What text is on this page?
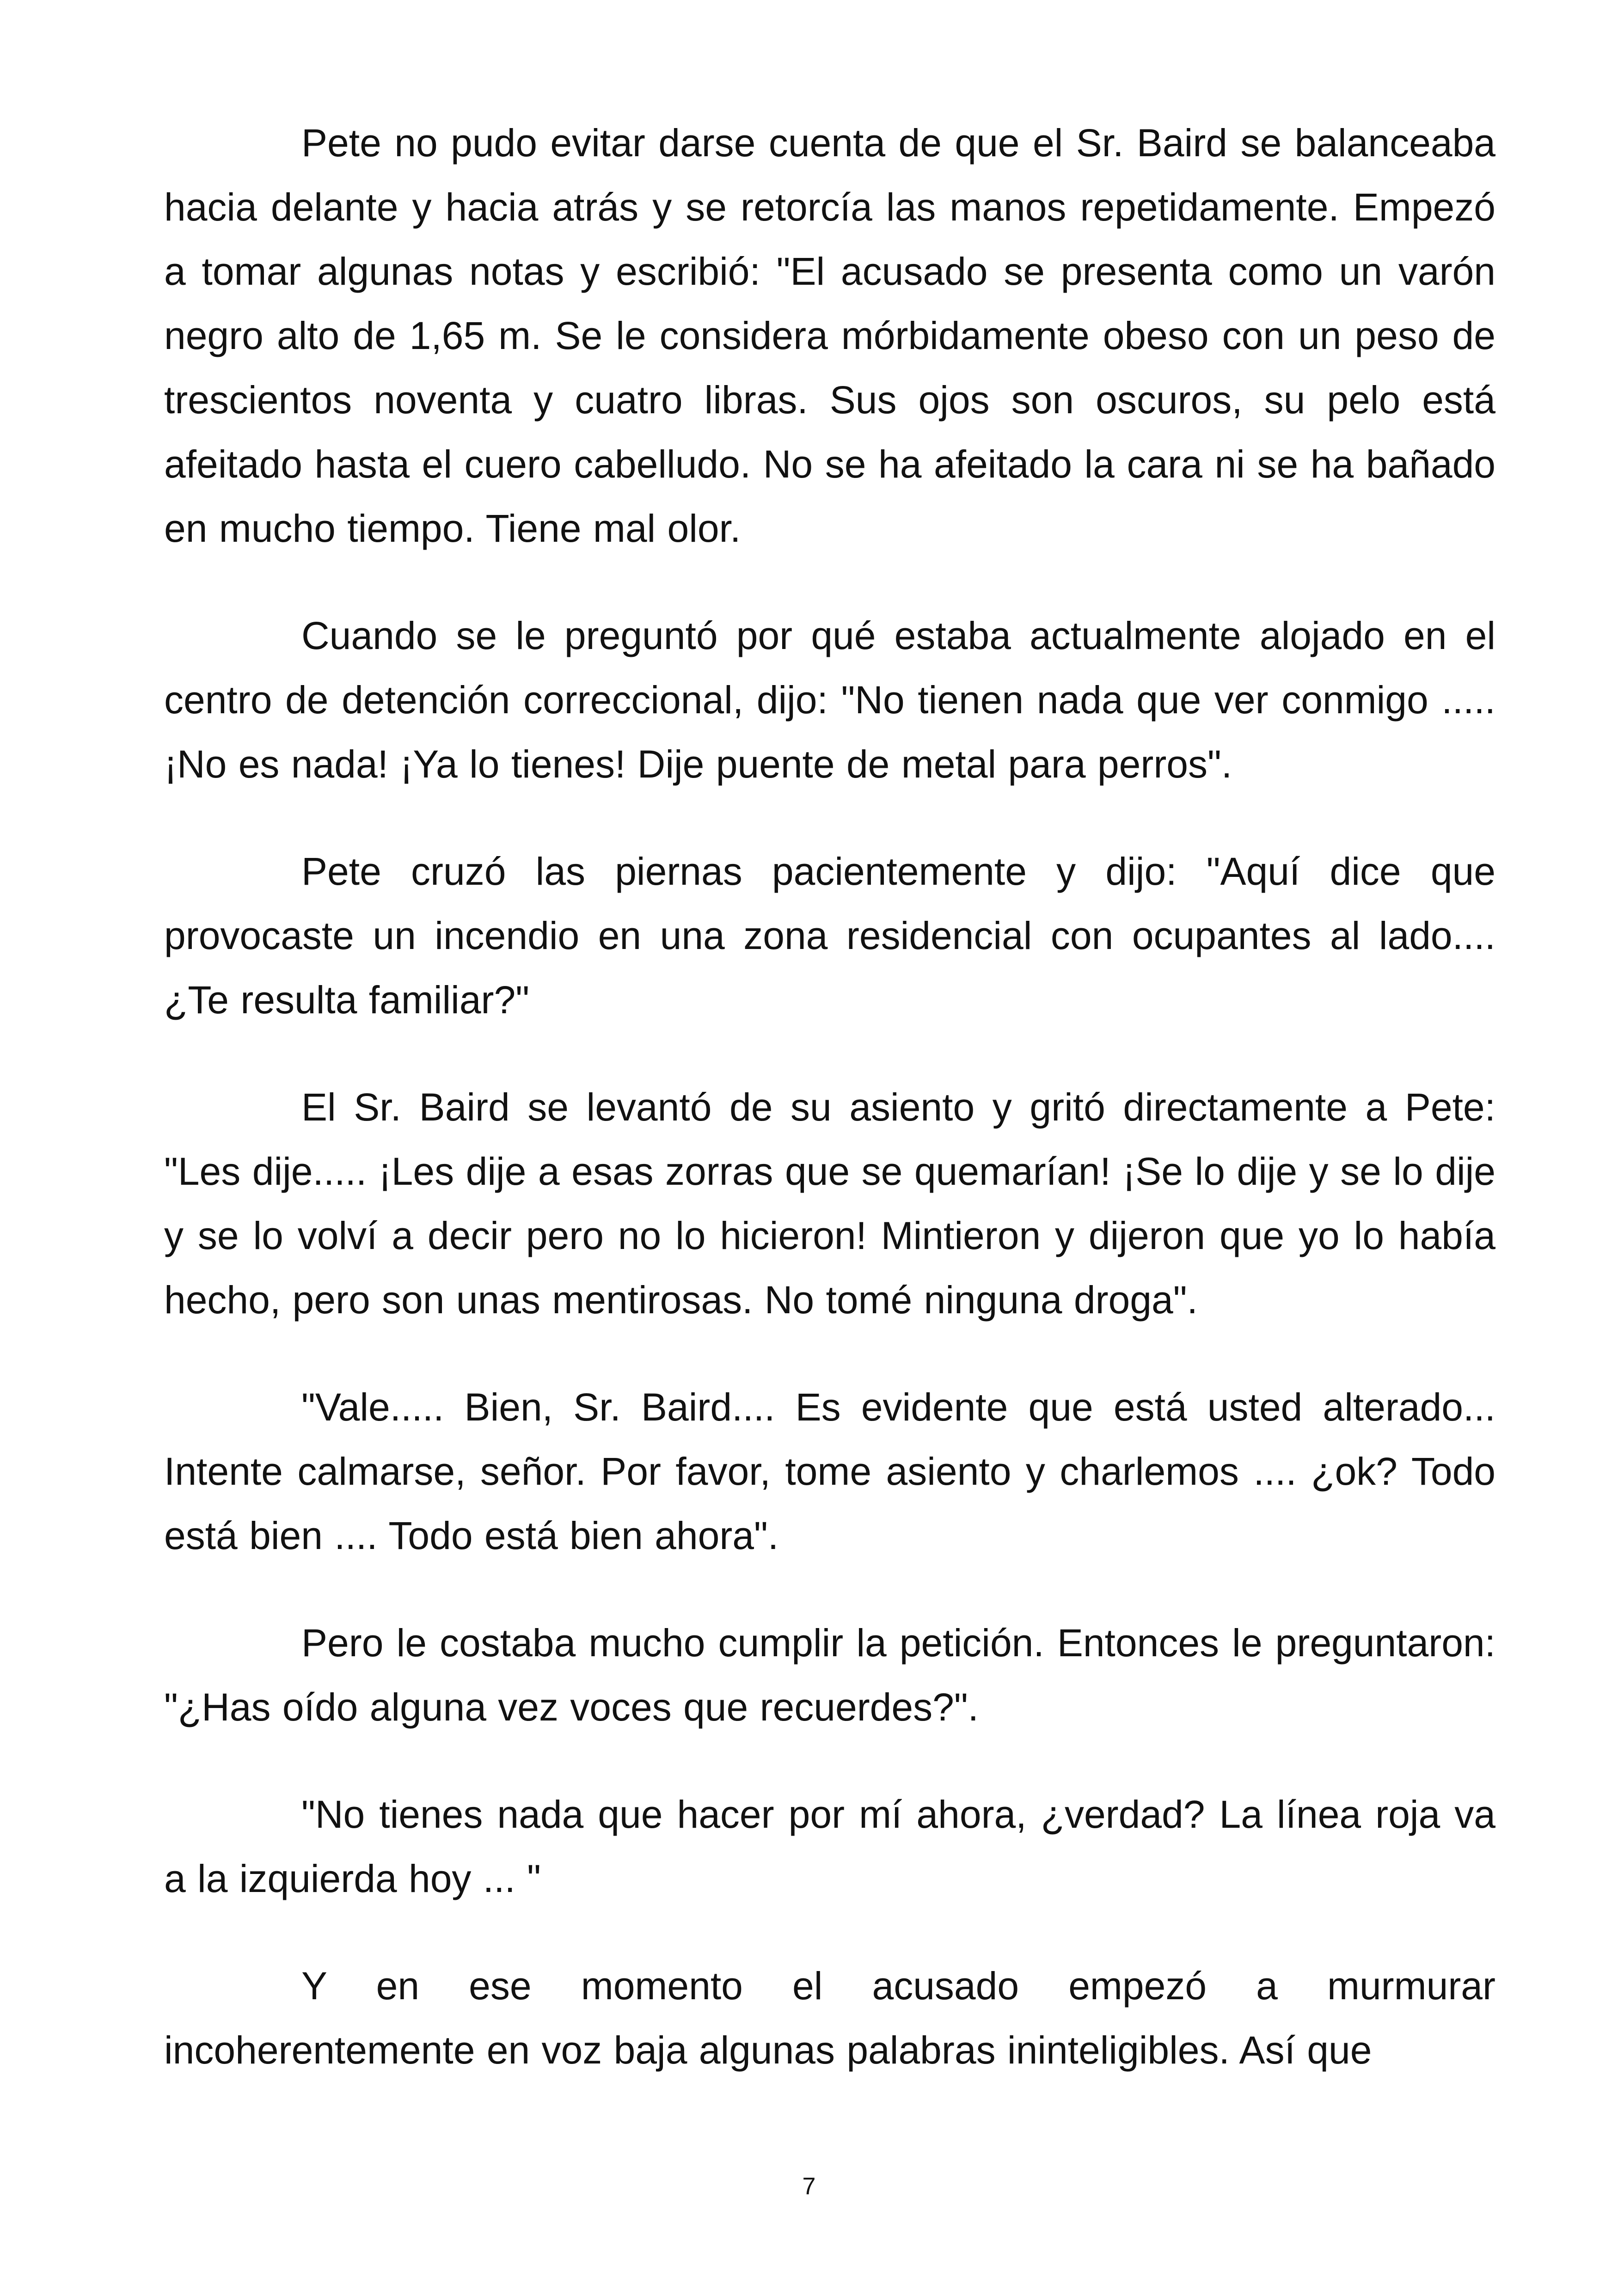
Pete no pudo evitar darse cuenta de que el Sr. Baird se balanceaba hacia delante y hacia atrás y se retorcía las manos repetidamente. Empezó a tomar algunas notas y escribió: "El acusado se presenta como un varón negro alto de 1,65 m. Se le considera mórbidamente obeso con un peso de trescientos noventa y cuatro libras. Sus ojos son oscuros, su pelo está afeitado hasta el cuero cabelludo. No se ha afeitado la cara ni se ha bañado en mucho tiempo. Tiene mal olor.

Cuando se le preguntó por qué estaba actualmente alojado en el centro de detención correccional, dijo: "No tienen nada que ver conmigo ..... ¡No es nada! ¡Ya lo tienes! Dije puente de metal para perros".

Pete cruzó las piernas pacientemente y dijo: "Aquí dice que provocaste un incendio en una zona residencial con ocupantes al lado.... ¿Te resulta familiar?"

El Sr. Baird se levantó de su asiento y gritó directamente a Pete: "Les dije..... ¡Les dije a esas zorras que se quemarían! ¡Se lo dije y se lo dije y se lo volví a decir pero no lo hicieron! Mintieron y dijeron que yo lo había hecho, pero son unas mentirosas. No tomé ninguna droga".

"Vale..... Bien, Sr. Baird.... Es evidente que está usted alterado... Intente calmarse, señor. Por favor, tome asiento y charlemos .... ¿ok? Todo está bien .... Todo está bien ahora".

Pero le costaba mucho cumplir la petición. Entonces le preguntaron: "¿Has oído alguna vez voces que recuerdes?".

"No tienes nada que hacer por mí ahora, ¿verdad? La línea roja va a la izquierda hoy ... "

Y en ese momento el acusado empezó a murmurar incoherentemente en voz baja algunas palabras ininteligibles. Así que

7
